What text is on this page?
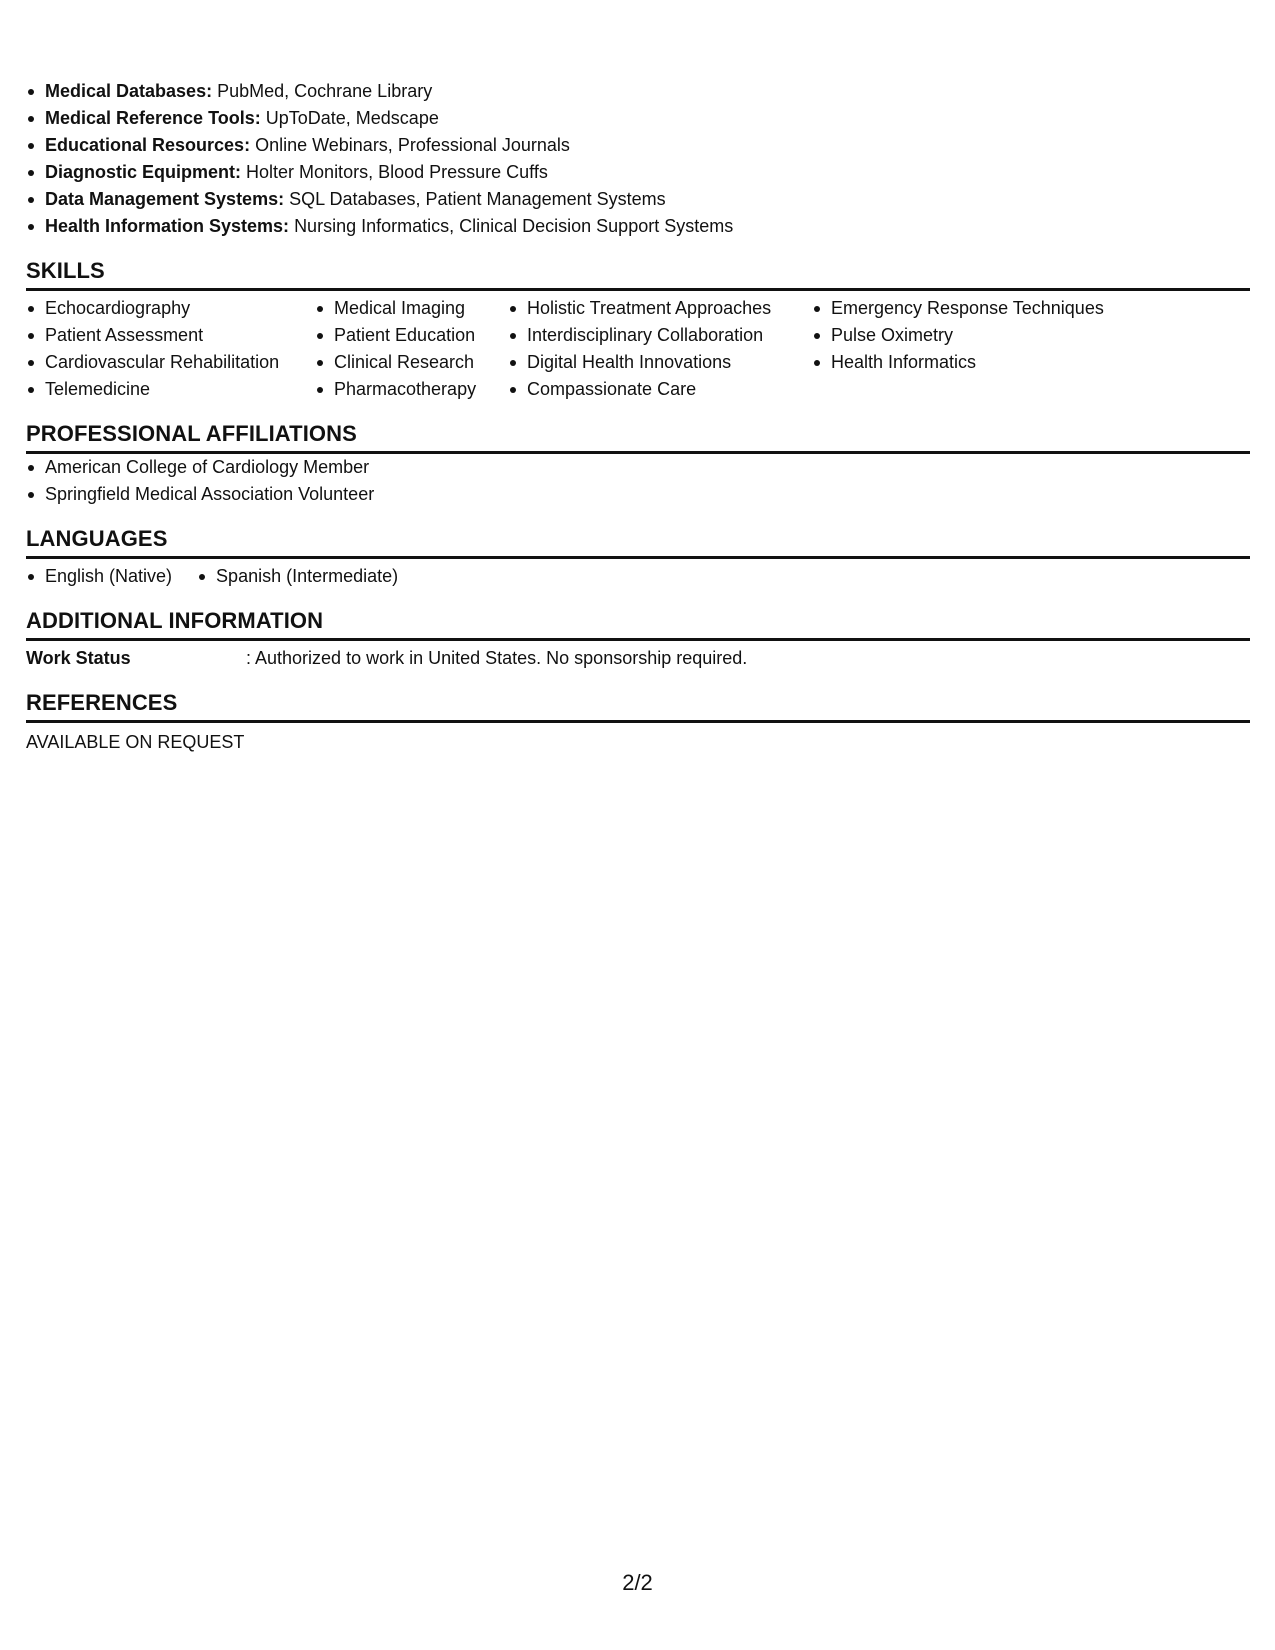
Medical Databases: PubMed, Cochrane Library
Medical Reference Tools: UpToDate, Medscape
Educational Resources: Online Webinars, Professional Journals
Diagnostic Equipment: Holter Monitors, Blood Pressure Cuffs
Data Management Systems: SQL Databases, Patient Management Systems
Health Information Systems: Nursing Informatics, Clinical Decision Support Systems
SKILLS
Echocardiography
Patient Assessment
Cardiovascular Rehabilitation
Telemedicine
Medical Imaging
Patient Education
Clinical Research
Pharmacotherapy
Holistic Treatment Approaches
Interdisciplinary Collaboration
Digital Health Innovations
Compassionate Care
Emergency Response Techniques
Pulse Oximetry
Health Informatics
PROFESSIONAL AFFILIATIONS
American College of Cardiology Member
Springfield Medical Association Volunteer
LANGUAGES
English (Native)	Spanish (Intermediate)
ADDITIONAL INFORMATION
Work Status	: Authorized to work in United States. No sponsorship required.
REFERENCES
AVAILABLE ON REQUEST
2/2
